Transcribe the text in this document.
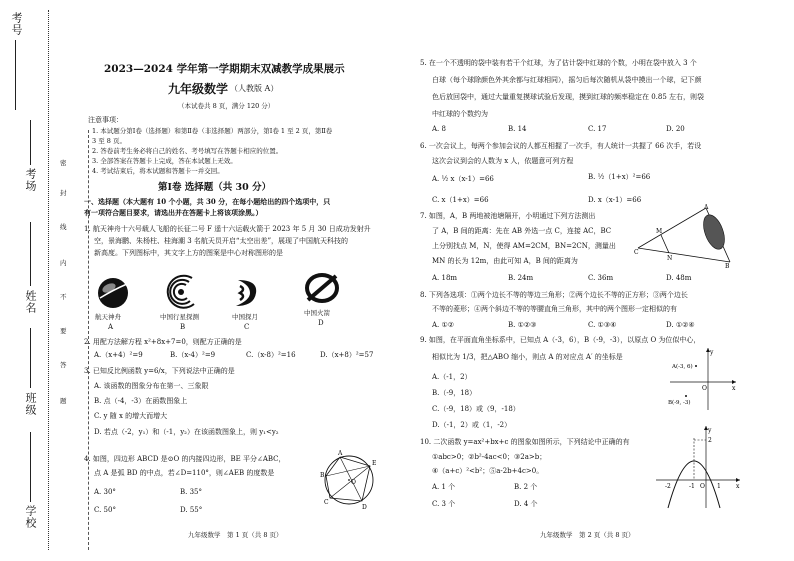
考号
考场
姓名
班级
学校
密
封
线
内
不
要
答
题
2023—2024 学年第一学期期末双减教学成果展示
九年级数学 （人教版 A）
（本试卷共 8 页，满分 120 分）
注意事项：
1. 本试题分第Ⅰ卷（选择题）和第Ⅱ卷（非选择题）两部分，第Ⅰ卷 1 至 2 页，第Ⅱ卷
3 至 8 页。
2. 答卷前考生务必将自己的姓名、考号填写在答题卡相应的位置。
3. 全部答案在答题卡上完成，答在本试题上无效。
4. 考试结束后，将本试题和答题卡一并交回。
第Ⅰ卷 选择题（共 30 分）
一、选择题（本大题有 10 个小题，共 30 分，在每小题给出的四个选项中，只
有一项符合题目要求，请选出并在答题卡上将该项涂黑。）
1. 航天神舟十六号载人飞船的长征二号 F 遥十六运载火箭于 2023 年 5 月 30 日成功发射升
空，景海鹏、朱杨柱、桂海潮 3 名航天员开启“太空出差”，展现了中国航天科技的
新高度。下列图标中，其文字上方的图案是中心对称图形的是
航天神舟
A
中国行星探测
B
中国探月
C
中国火箭
D
2. 用配方法解方程 x²+8x+7=0，则配方正确的是
A.（x+4）²=9	B.（x-4）²=9	C.（x-8）²=16	D.（x+8）²=57
3. 已知反比例函数 y=6/x，下列说法中正确的是
A. 该函数的图象分布在第一、三象限
B. 点（-4，-3）在函数图象上
C. y 随 x 的增大而增大
D. 若点（-2，y₁）和（-1，y₂）在该函数图象上，则 y₁<y₂
4. 如图，四边形 ABCD 是⊙O 的内接四边形，BE 平分∠ABC，
点 A 是弧 BD 的中点，若∠D=110°，则∠AEB 的度数是
A. 30°	B. 35°
C. 50°	D. 55°
A
B
C
D
E
O
九年级数学　第 1 页（共 8 页）
5. 在一个不透明的袋中装有若干个红球，为了估计袋中红球的个数，小明在袋中放入 3 个
白球（每个球除颜色外其余都与红球相同），摇匀后每次随机从袋中摸出一个球，记下颜
色后放回袋中，通过大量重复摸球试验后发现，摸到红球的频率稳定在 0.85 左右，则袋
中红球的个数约为
A. 8	B. 14	C. 17	D. 20
6. 一次会议上，每两个参加会议的人都互相握了一次手，有人统计一共握了 66 次手，若设
这次会议到会的人数为 x 人，依题意可列方程
A. ½ x（x-1）=66	B. ½（1+x）²=66
C. x（1+x）=66	D. x（x-1）=66
7. 如图，A，B 两地被池塘隔开，小明通过下列方法测出
了 A，B 间的距离：先在 AB 外选一点 C，连接 AC，BC
上分别找点 M，N，使得 AM=2CM，BN=2CN，测量出
MN 的长为 12m，由此可知 A，B 间的距离为
A. 18m	B. 24m	C. 36m	D. 48m
A
M
N
C
B
8. 下列各选项：①两个边长不等的等边三角形；②两个边长不等的正方形；③两个边长
不等的菱形；④两个斜边不等的等腰直角三角形，其中的两个图形一定相似的有
A. ①②	B. ①②③	C. ①③④	D. ①②④
9. 如图，在平面直角坐标系中，已知点 A（-3，6），B（-9，-3），以原点 O 为位似中心，
相似比为 1/3，把△ABO 缩小，则点 A 的对应点 A′ 的坐标是
A.（-1，2）
B.（-9，18）
C.（-9，18）或（9，-18）
D.（-1，2）或（1，-2）
y
x
O
A(-3, 6)
B(-9, -3)
10. 二次函数 y=ax²+bx+c 的图象如图所示，下列结论中正确的有
①abc>0；②b²-4ac<0；③2a>b；
④（a+c）²<b²；⑤a-2b+4c>0。
A. 1 个	B. 2 个
C. 3 个	D. 4 个
y
2
x
-2	-1 O 1
九年级数学　第 2 页（共 8 页）
